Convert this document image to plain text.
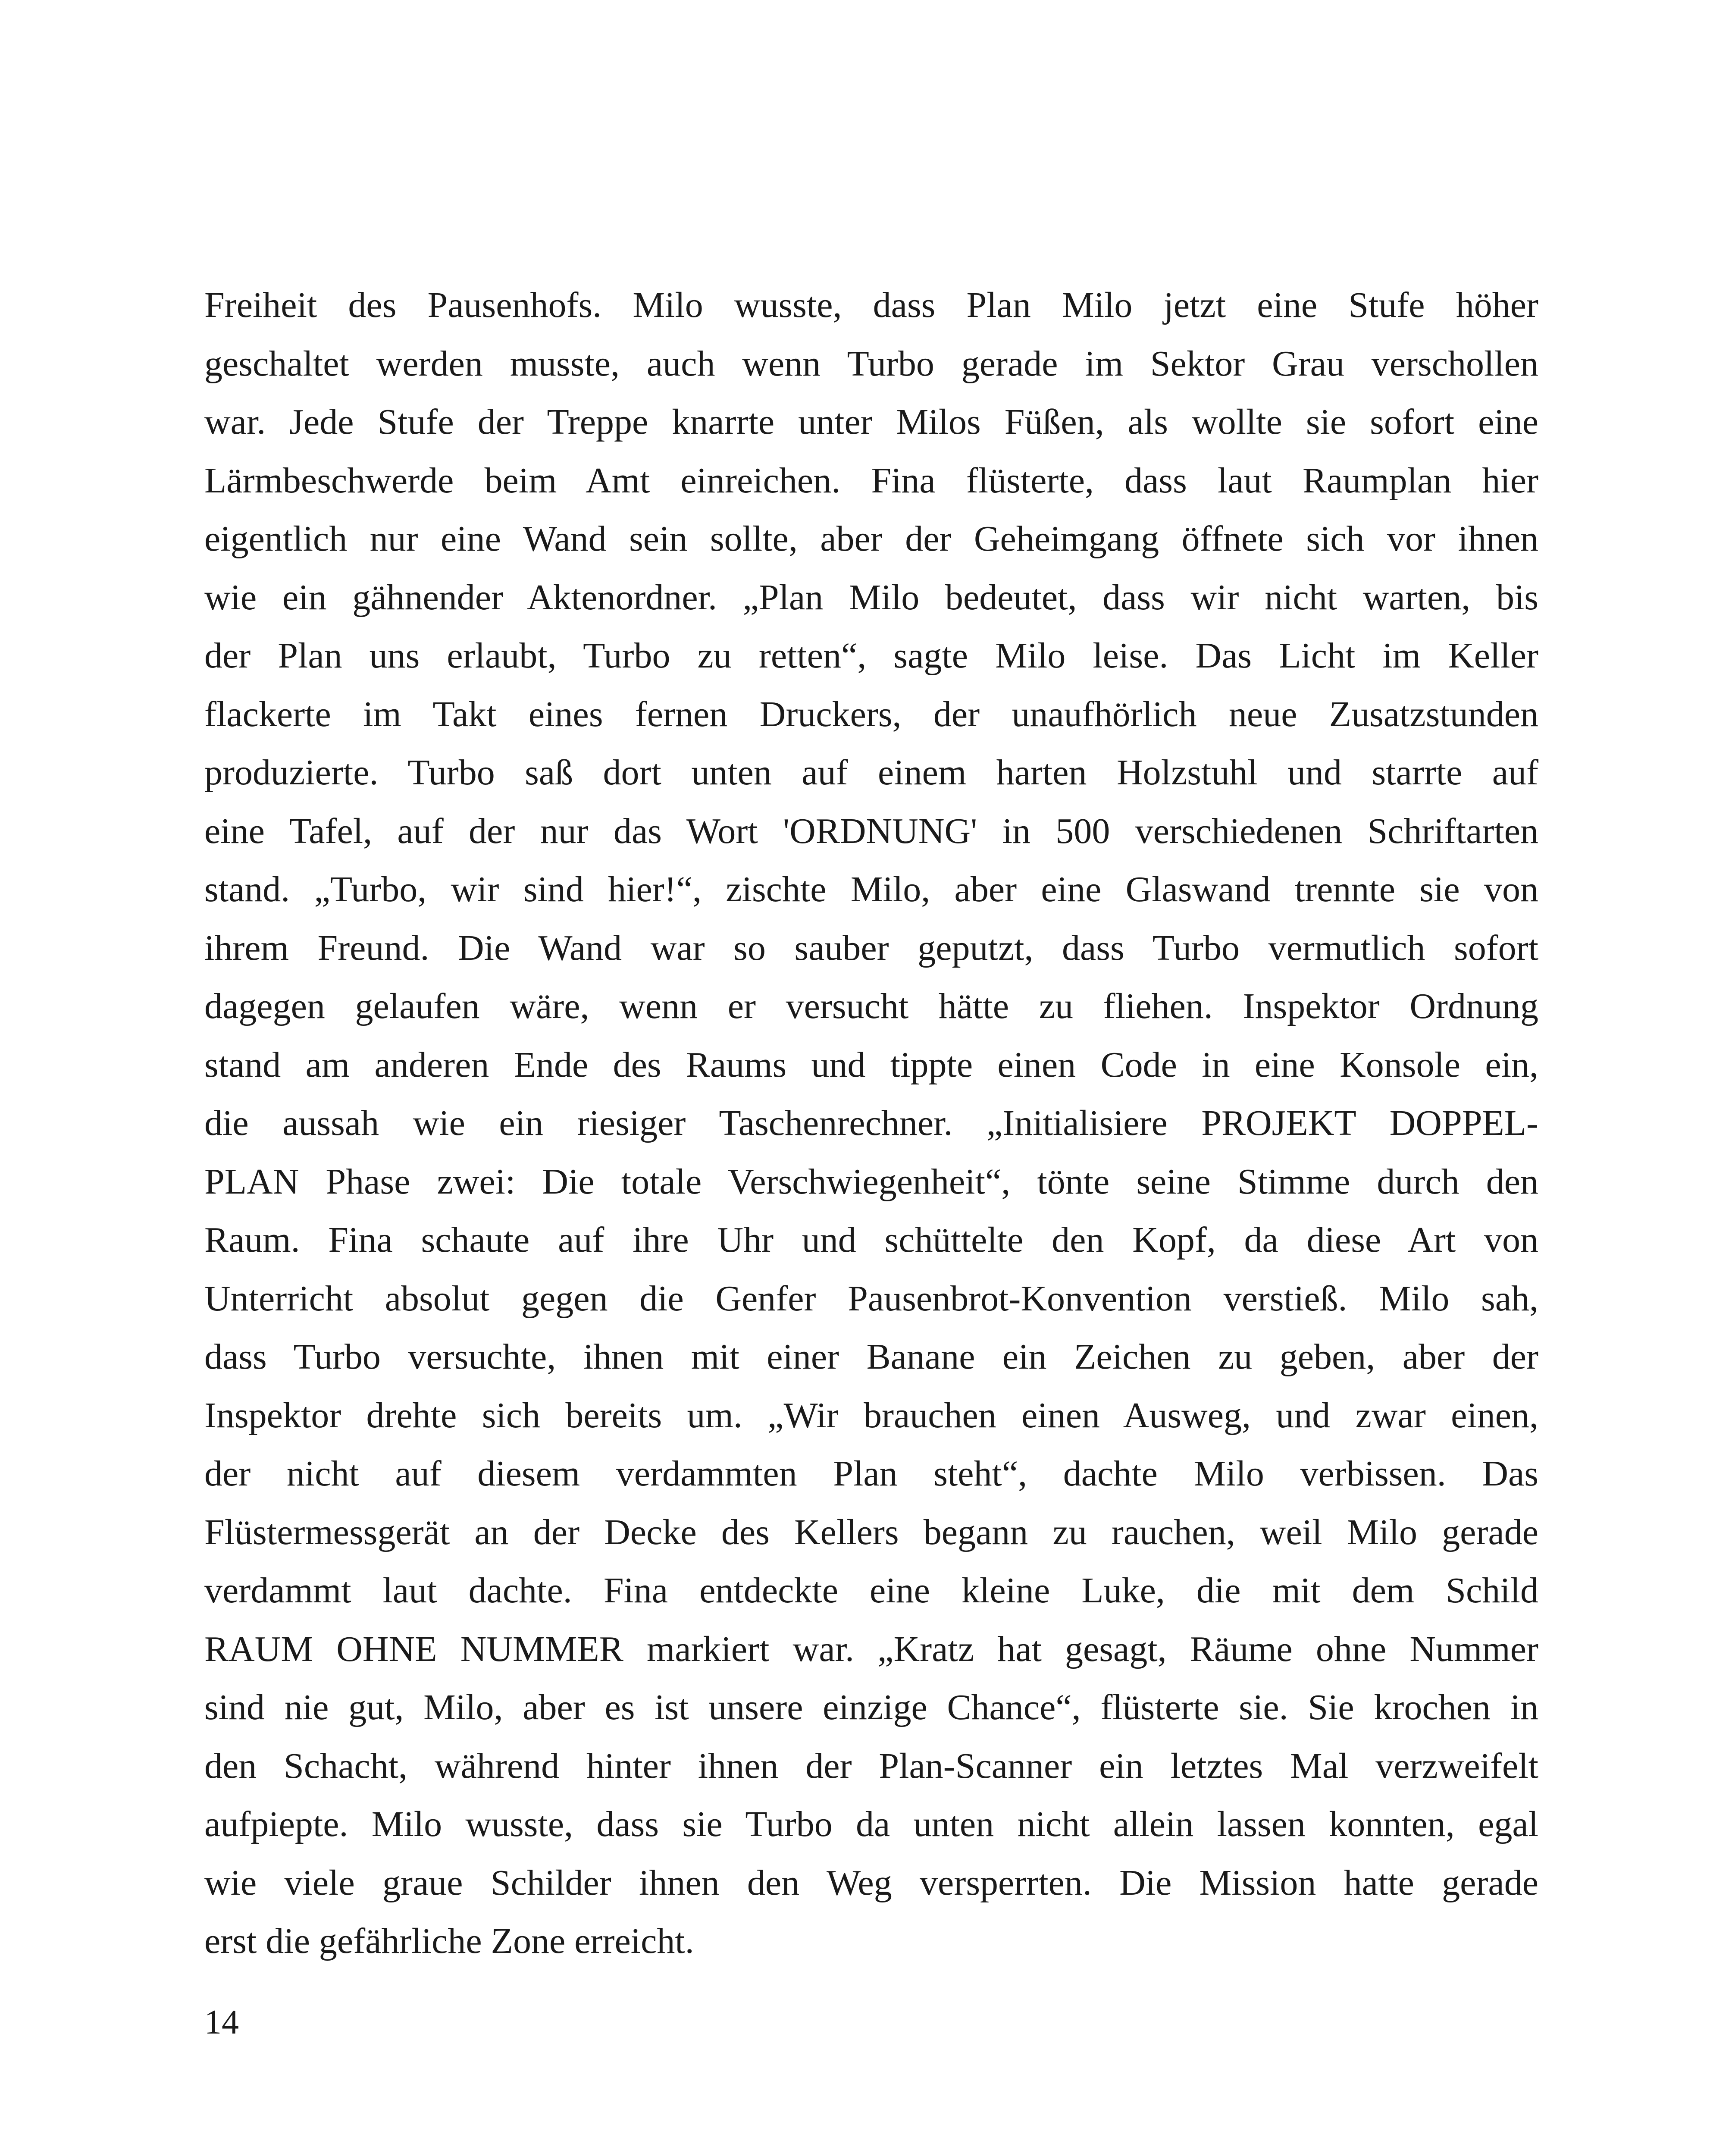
Freiheit des Pausenhofs. Milo wusste, dass Plan Milo jetzt eine Stufe höher
geschaltet werden musste, auch wenn Turbo gerade im Sektor Grau verschollen
war. Jede Stufe der Treppe knarrte unter Milos Füßen, als wollte sie sofort eine
Lärmbeschwerde beim Amt einreichen. Fina flüsterte, dass laut Raumplan hier
eigentlich nur eine Wand sein sollte, aber der Geheimgang öffnete sich vor ihnen
wie ein gähnender Aktenordner. „Plan Milo bedeutet, dass wir nicht warten, bis
der Plan uns erlaubt, Turbo zu retten“, sagte Milo leise. Das Licht im Keller
flackerte im Takt eines fernen Druckers, der unaufhörlich neue Zusatzstunden
produzierte. Turbo saß dort unten auf einem harten Holzstuhl und starrte auf
eine Tafel, auf der nur das Wort 'ORDNUNG' in 500 verschiedenen Schriftarten
stand. „Turbo, wir sind hier!“, zischte Milo, aber eine Glaswand trennte sie von
ihrem Freund. Die Wand war so sauber geputzt, dass Turbo vermutlich sofort
dagegen gelaufen wäre, wenn er versucht hätte zu fliehen. Inspektor Ordnung
stand am anderen Ende des Raums und tippte einen Code in eine Konsole ein,
die aussah wie ein riesiger Taschenrechner. „Initialisiere PROJEKT DOPPEL-
PLAN Phase zwei: Die totale Verschwiegenheit“, tönte seine Stimme durch den
Raum. Fina schaute auf ihre Uhr und schüttelte den Kopf, da diese Art von
Unterricht absolut gegen die Genfer Pausenbrot-Konvention verstieß. Milo sah,
dass Turbo versuchte, ihnen mit einer Banane ein Zeichen zu geben, aber der
Inspektor drehte sich bereits um. „Wir brauchen einen Ausweg, und zwar einen,
der nicht auf diesem verdammten Plan steht“, dachte Milo verbissen. Das
Flüstermessgerät an der Decke des Kellers begann zu rauchen, weil Milo gerade
verdammt laut dachte. Fina entdeckte eine kleine Luke, die mit dem Schild
RAUM OHNE NUMMER markiert war. „Kratz hat gesagt, Räume ohne Nummer
sind nie gut, Milo, aber es ist unsere einzige Chance“, flüsterte sie. Sie krochen in
den Schacht, während hinter ihnen der Plan-Scanner ein letztes Mal verzweifelt
aufpiepte. Milo wusste, dass sie Turbo da unten nicht allein lassen konnten, egal
wie viele graue Schilder ihnen den Weg versperrten. Die Mission hatte gerade
erst die gefährliche Zone erreicht.
14
